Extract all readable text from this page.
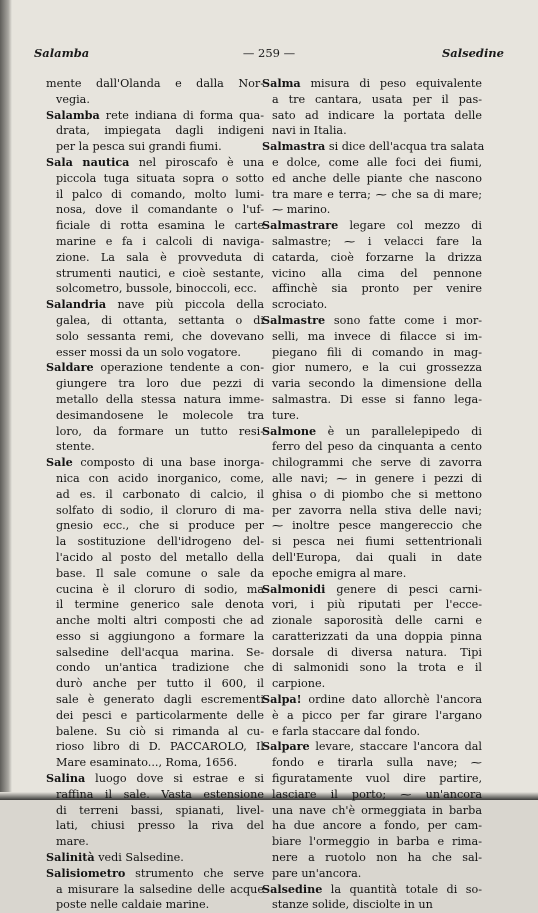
Salamba	— 259 —	Salsedine
mente dall'Olanda e dalla Nor-
vegia.
Salamba rete indiana di forma qua-
drata, impiegata dagli indigeni
per la pesca sui grandi fiumi.
Sala nautica nel piroscafo è una
piccola tuga situata sopra o sotto
il palco di comando, molto lumi-
nosa, dove il comandante o l'uf-
ficiale di rotta esamina le carte
marine e fa i calcoli di naviga-
zione. La sala è provveduta di
strumenti nautici, e cioè sestante,
solcometro, bussole, binoccoli, ecc.
Salandria nave più piccola della
galea, di ottanta, settanta o di
solo sessanta remi, che dovevano
esser mossi da un solo vogatore.
Saldare operazione tendente a con-
giungere tra loro due pezzi di
metallo della stessa natura imme-
desimandosene le molecole tra
loro, da formare un tutto resi-
stente.
Sale composto di una base inorga-
nica con acido inorganico, come,
ad es. il carbonato di calcio, il
solfato di sodio, il cloruro di ma-
gnesio ecc., che si produce per
la sostituzione dell'idrogeno del-
l'acido al posto del metallo della
base. Il sale comune o sale da
cucina è il cloruro di sodio, ma
il termine generico sale denota
anche molti altri composti che ad
esso si aggiungono a formare la
salsedine dell'acqua marina. Se-
condo un'antica tradizione che
durò anche per tutto il 600, il
sale è generato dagli escrementi
dei pesci e particolarmente delle
balene. Su ciò si rimanda al cu-
rioso libro di D. PACCAROLO, Il
Mare esaminato..., Roma, 1656.
Salina luogo dove si estrae e si
raffina il sale. Vasta estensione
di terreni bassi, spianati, livel-
lati, chiusi presso la riva del
mare.
Salinità vedi Salsedine.
Salisiometro strumento che serve
a misurare la salsedine delle acque
poste nelle caldaie marine.
Salma misura di peso equivalente
a tre cantara, usata per il pas-
sato ad indicare la portata delle
navi in Italia.
Salmastra si dice dell'acqua tra salata
e dolce, come alle foci dei fiumi,
ed anche delle piante che nascono
tra mare e terra; ⁓ che sa di mare;
⁓ marino.
Salmastrare legare col mezzo di
salmastre; ⁓ i velacci fare la
catarda, cioè forzarne la drizza
vicino alla cima del pennone
affinchè sia pronto per venire
scrociato.
Salmastre sono fatte come i mor-
selli, ma invece di filacce si im-
piegano fili di comando in mag-
gior numero, e la cui grossezza
varia secondo la dimensione della
salmastra. Di esse si fanno lega-
ture.
Salmone è un parallelepipedo di
ferro del peso da cinquanta a cento
chilogrammi che serve di zavorra
alle navi; ⁓ in genere i pezzi di
ghisa o di piombo che si mettono
per zavorra nella stiva delle navi;
⁓ inoltre pesce mangereccio che
si pesca nei fiumi settentrionali
dell'Europa, dai quali in date
epoche emigra al mare.
Salmonidi genere di pesci carni-
vori, i più riputati per l'ecce-
zionale saporosità delle carni e
caratterizzati da una doppia pinna
dorsale di diversa natura. Tipi
di salmonidi sono la trota e il
carpione.
Salpa! ordine dato allorchè l'ancora
è a picco per far girare l'argano
e farla staccare dal fondo.
Salpare levare, staccare l'ancora dal
fondo e tirarla sulla nave; ⁓
figuratamente vuol dire partire,
lasciare il porto; ⁓ un'ancora
una nave ch'è ormeggiata in barba
ha due ancore a fondo, per cam-
biare l'ormeggio in barba e rima-
nere a ruotolo non ha che sal-
pare un'ancora.
Salsedine la quantità totale di so-
stanze solide, disciolte in un
